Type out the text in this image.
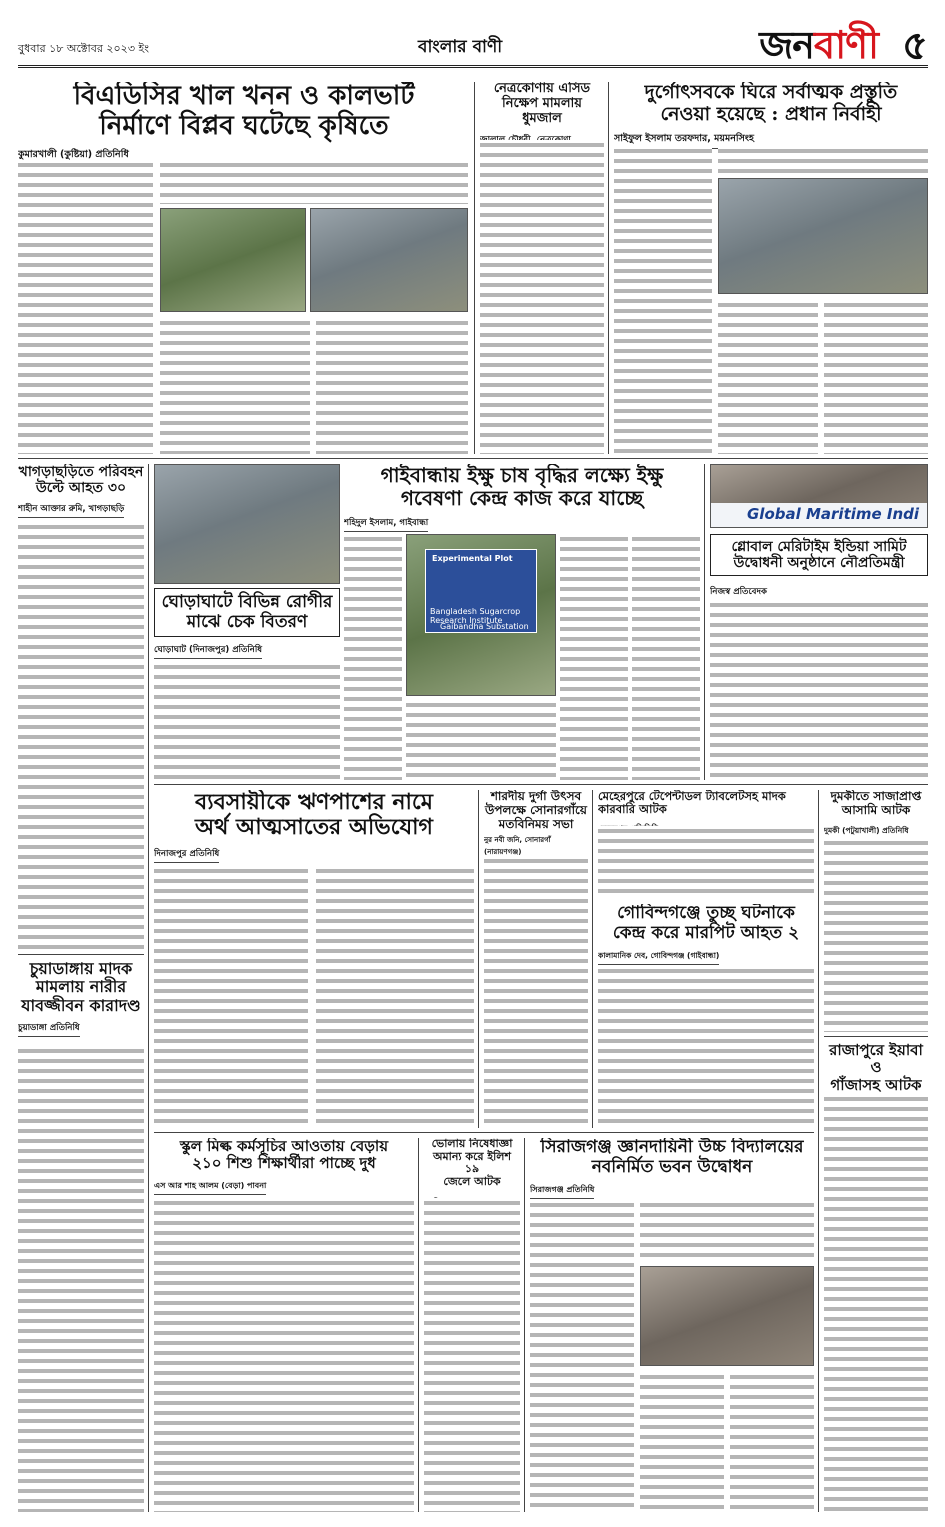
বুধবার ১৮ অক্টোবর ২০২৩ ইং	বাংলার বাণী	জনবাণী ৫
বিএডিসির খাল খনন ও কালভার্ট
নির্মাণে বিপ্লব ঘটেছে কৃষিতে
কুমারখালী (কুষ্টিয়া) প্রতিনিধি
নেত্রকোণায় এসিড
নিক্ষেপ মামলায় ধুমজাল
দুর্গোৎসবকে ঘিরে সর্বাত্মক প্রস্তুতি
নেওয়া হয়েছে : প্রধান নির্বাহী
সাইফুল ইসলাম তরফদার, ময়মনসিংহ
খাগড়াছড়িতে পরিবহন
উল্টে আহত ৩০
শাহীন আক্তার রুমি, খাগড়াছড়ি
চুয়াডাঙ্গায় মাদক
মামলায় নারীর
যাবজ্জীবন কারাদণ্ড
চুয়াডাঙ্গা প্রতিনিধি
ঘোড়াঘাটে বিভিন্ন রোগীর
মাঝে চেক বিতরণ
ঘোড়াঘাট (দিনাজপুর) প্রতিনিধি
গাইবান্ধায় ইক্ষু চাষ বৃদ্ধির লক্ষ্যে ইক্ষু
গবেষণা কেন্দ্র কাজ করে যাচ্ছে
শহিদুল ইসলাম, গাইবান্ধা
Experimental Plot
Bangladesh Sugarcrop Research Institute
Gaibandha Substation
Global Maritime Indi
গ্লোবাল মেরিটাইম ইন্ডিয়া সামিট
উদ্বোধনী অনুষ্ঠানে নৌপ্রতিমন্ত্রী
নিজস্ব প্রতিবেদক
ব্যবসায়ীকে ঋণপাশের নামে
অর্থ আত্মসাতের অভিযোগ
দিনাজপুর প্রতিনিধি
শারদীয় দুর্গা উৎসব
উপলক্ষে সোনারগাঁয়ে
মতবিনিময় সভা
নুর নবী জনি, সোনারগাঁ (নারায়ণগঞ্জ)
মেহেরপুরে টেপেন্টাডল ট্যাবলেটসহ মাদক কারবারি আটক
গোবিন্দগঞ্জে তুচ্ছ ঘটনাকে
কেন্দ্র করে মারপিট আহত ২
কালামানিক দেব, গোবিন্দগঞ্জ (গাইবান্ধা)
দুমকীতে সাজাপ্রাপ্ত
আসামি আটক
দুমকী (পটুয়াখালী) প্রতিনিধি
রাজাপুরে ইয়াবা ও
গাঁজাসহ আটক
স্কুল মিল্ক কর্মসূচির আওতায় বেড়ায়
২১০ শিশু শিক্ষার্থীরা পাচ্ছে দুধ
এস আর শাহ আলম (বেড়া) পাবনা
ভোলায় নিষেধাজ্ঞা
অমান্য করে ইলিশ ১৯
জেলে আটক
সিরাজগঞ্জ জ্ঞানদায়িনী উচ্চ বিদ্যালয়ের
নবনির্মিত ভবন উদ্বোধন
সিরাজগঞ্জ প্রতিনিধি
